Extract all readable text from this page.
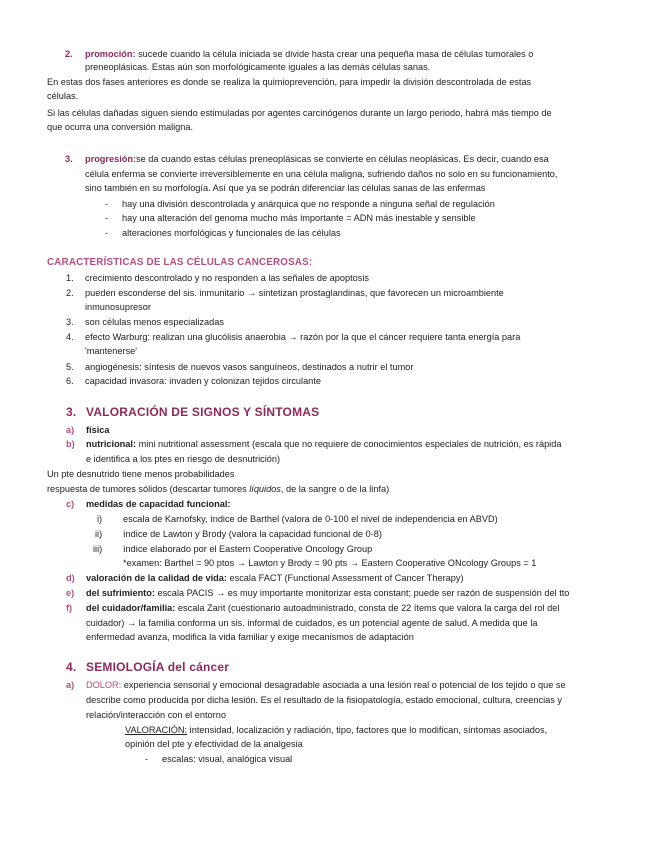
2. promoción: sucede cuando la célula iniciada se divide hasta crear una pequeña masa de células tumorales o
preneoplásicas. Estas aún son morfológicamente iguales a las demás células sanas.
En estas dos fases anteriores es donde se realiza la quimioprevención, para impedir la división descontrolada de estas
células.
Si las células dañadas siguen siendo estimuladas por agentes carcinógenos durante un largo periodo, habrá más tiempo de
que ocurra una conversión maligna.
3. progresión:se da cuando estas células preneoplásicas se convierte en células neoplásicas. Es decir, cuando esa
célula enferma se convierte irreversiblemente en una célula maligna, sufriendo daños no solo en su funcionamiento,
sino también en su morfología. Así que ya se podrán diferenciar las células sanas de las enfermas
- hay una división descontrolada y anárquica que no responde a ninguna señal de regulación
- hay una alteración del genoma mucho más importante = ADN más inestable y sensible
- alteraciones morfológicas y funcionales de las células
CARACTERÍSTICAS DE LAS CÉLULAS CANCEROSAS:
1. crecimiento descontrolado y no responden a las señales de apoptosis
2. pueden esconderse del sis. inmunitario → sintetizan prostaglandinas, que favorecen un microambiente
inmunosupresor
3. son células menos especializadas
4. efecto Warburg: realizan una glucólisis anaerobia → razón por la que el cáncer requiere tanta energía para
'mantenerse'
5. angiogénesis: síntesis de nuevos vasos sanguíneos, destinados a nutrir el tumor
6. capacidad invasora: invaden y colonizan tejidos circulante
3. VALORACIÓN DE SIGNOS Y SÍNTOMAS
a) física
b) nutricional: mini nutritional assessment (escala que no requiere de conocimientos especiales de nutrición, es rápida
e identifica a los ptes en riesgo de desnutrición)
Un pte desnutrido tiene menos probabilidades
respuesta de tumores sólidos (descartar tumores líquidos, de la sangre o de la linfa)
c) medidas de capacidad funcional:
i) escala de Karnofsky, índice de Barthel (valora de 0-100 el nivel de independencia en ABVD)
ii) índice de Lawton y Brody (valora la capacidad funcional de 0-8)
iii) índice elaborado por el Eastern Cooperative Oncology Group
*examen: Barthel = 90 ptos → Lawton y Brody = 90 pts → Eastern Cooperative ONcology Groups = 1
d) valoración de la calidad de vida: escala FACT (Functional Assessment of Cancer Therapy)
e) del sufrimiento: escala PACIS → es muy importante monitorizar esta constant; puede ser razón de suspensión del tto
f) del cuidador/familia: escala Zarit (cuestionario autoadministrado, consta de 22 ítems que valora la carga del rol del
cuidador) → la familia conforma un sis. informal de cuidados, es un potencial agente de salud. A medida que la
enfermedad avanza, modifica la vida familiar y exige mecanismos de adaptación
4. SEMIOLOGÍA del cáncer
a) DOLOR: experiencia sensorial y emocional desagradable asociada a una lesión real o potencial de los tejido o que se
describe como producida por dicha lesión. Es el resultado de la fisiopatología, estado emocional, cultura, creencias y
relación/interacción con el entorno
VALORACIÓN: intensidad, localización y radiación, tipo, factores que lo modifican, síntomas asociados,
opinión del pte y efectividad de la analgesia
- escalas: visual, analógica visual
